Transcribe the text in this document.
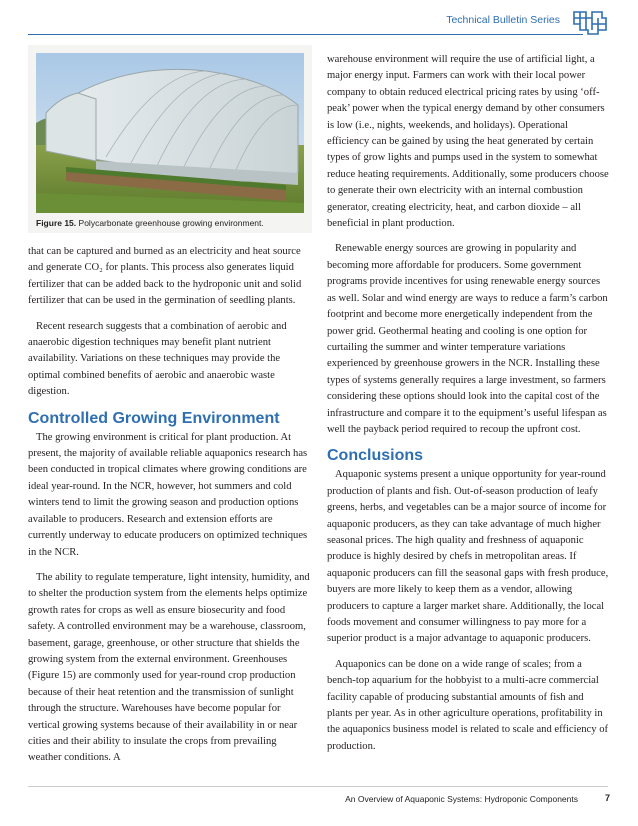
Technical Bulletin Series
Figure 15. Polycarbonate greenhouse growing environment.

that can be captured and burned as an electricity and heat source and generate CO₂ for plants. This process also generates liquid fertilizer that can be added back to the hydroponic unit and solid fertilizer that can be used in the germination of seedling plants.

Recent research suggests that a combination of aerobic and anaerobic digestion techniques may benefit plant nutrient availability. Variations on these techniques may provide the optimal combined benefits of aerobic and anaerobic waste digestion.

Controlled Growing Environment

The growing environment is critical for plant production. At present, the majority of available reliable aquaponics research has been conducted in tropical climates where growing conditions are ideal year-round. In the NCR, however, hot summers and cold winters tend to limit the growing season and production options available to producers. Research and extension efforts are currently underway to educate producers on optimized techniques in the NCR.

The ability to regulate temperature, light intensity, humidity, and to shelter the production system from the elements helps optimize growth rates for crops as well as ensure biosecurity and food safety. A controlled environment may be a warehouse, classroom, basement, garage, greenhouse, or other structure that shields the growing system from the external environment. Greenhouses (Figure 15) are commonly used for year-round crop production because of their heat retention and the transmission of sunlight through the structure. Warehouses have become popular for vertical growing systems because of their availability in or near cities and their ability to insulate the crops from prevailing weather conditions. A

warehouse environment will require the use of artificial light, a major energy input. Farmers can work with their local power company to obtain reduced electrical pricing rates by using ‘off-peak’ power when the typical energy demand by other consumers is low (i.e., nights, weekends, and holidays). Operational efficiency can be gained by using the heat generated by certain types of grow lights and pumps used in the system to somewhat reduce heating requirements. Additionally, some producers choose to generate their own electricity with an internal combustion generator, creating electricity, heat, and carbon dioxide – all beneficial in plant production.

Renewable energy sources are growing in popularity and becoming more affordable for producers. Some government programs provide incentives for using renewable energy sources as well. Solar and wind energy are ways to reduce a farm’s carbon footprint and become more energetically independent from the power grid. Geothermal heating and cooling is one option for curtailing the summer and winter temperature variations experienced by greenhouse growers in the NCR. Installing these types of systems generally requires a large investment, so farmers considering these options should look into the capital cost of the infrastructure and compare it to the equipment’s useful lifespan as well the payback period required to recoup the upfront cost.

Conclusions

Aquaponic systems present a unique opportunity for year-round production of plants and fish. Out-of-season production of leafy greens, herbs, and vegetables can be a major source of income for aquaponic producers, as they can take advantage of much higher seasonal prices. The high quality and freshness of aquaponic produce is highly desired by chefs in metropolitan areas. If aquaponic producers can fill the seasonal gaps with fresh produce, buyers are more likely to keep them as a vendor, allowing producers to capture a larger market share. Additionally, the local foods movement and consumer willingness to pay more for a superior product is a major advantage to aquaponic producers.

Aquaponics can be done on a wide range of scales; from a bench-top aquarium for the hobbyist to a multi-acre commercial facility capable of producing substantial amounts of fish and plants per year. As in other agriculture operations, profitability in the aquaponics business model is related to scale and efficiency of production.

An Overview of Aquaponic Systems: Hydroponic Components	7
